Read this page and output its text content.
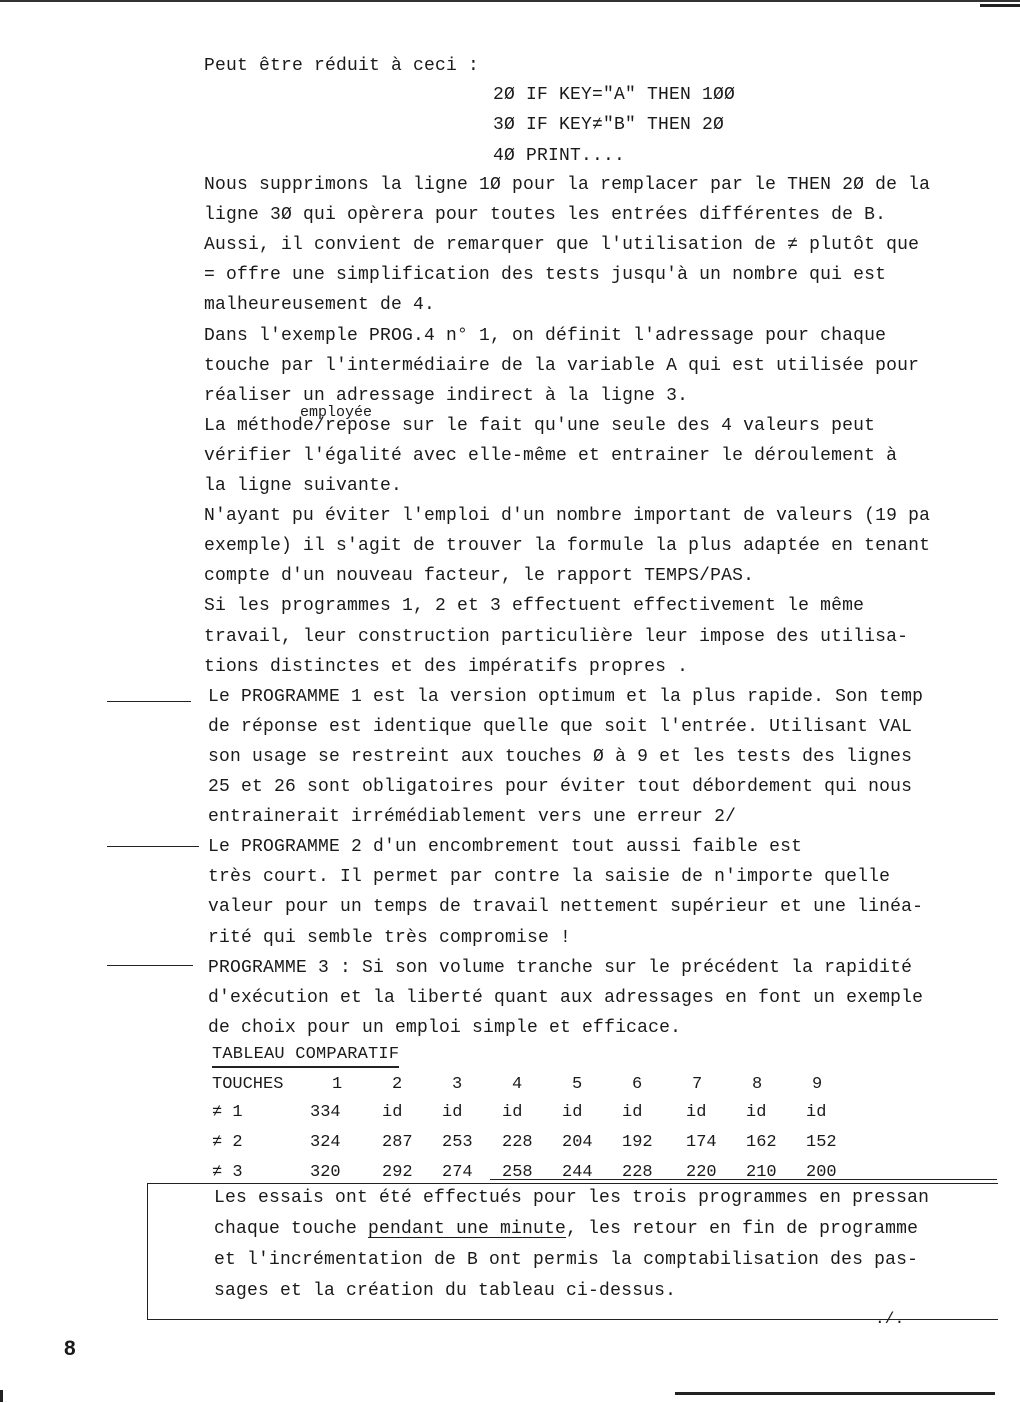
Peut être réduit à ceci :
2Ø IF KEY="A" THEN 1ØØ
3Ø IF KEY≠"B" THEN 2Ø
4Ø PRINT....
Nous supprimons la ligne 1Ø pour la remplacer par le THEN 2Ø de la
ligne 3Ø qui opèrera pour toutes les entrées différentes de B.
Aussi, il convient de remarquer que l'utilisation de ≠ plutôt que
= offre une simplification des tests jusqu'à un nombre qui est
malheureusement de 4.
Dans l'exemple PROG.4 n° 1, on définit l'adressage pour chaque
touche par l'intermédiaire de la variable A qui est utilisée pour
réaliser un adressage indirect à la ligne 3.
La méthode/repose sur le fait qu'une seule des 4 valeurs peut
vérifier l'égalité avec elle-même et entrainer le déroulement à
la ligne suivante.
N'ayant pu éviter l'emploi d'un nombre important de valeurs (19 pa
exemple) il s'agit de trouver la formule la plus adaptée en tenant
compte d'un nouveau facteur, le rapport TEMPS/PAS.
Si les programmes 1, 2 et 3 effectuent effectivement le même
travail, leur construction particulière leur impose des utilisa-
tions distinctes et des impératifs propres .
Le PROGRAMME 1 est la version optimum et la plus rapide. Son temp
de réponse est identique quelle que soit l'entrée. Utilisant VAL
son usage se restreint aux touches Ø à 9 et les tests des lignes
25 et 26 sont obligatoires pour éviter tout débordement qui nous
entrainerait irrémédiablement vers une erreur 2/
Le PROGRAMME 2 d'un encombrement tout aussi faible est
très court. Il permet par contre la saisie de n'importe quelle
valeur pour un temps de travail nettement supérieur et une linéa-
rité qui semble très compromise !
PROGRAMME 3 : Si son volume tranche sur le précédent la rapidité
d'exécution et la liberté quant aux adressages en font un exemple
de choix pour un emploi simple et efficace.
employée
TABLEAU COMPARATIF
TOUCHES	1	2	3	4	5	6	7	8	9
≠ 1	334 id id id id id	id id id
≠ 2	324 287 253 228 204 192 174 162 152
≠ 3	320 292 274 258 244 228 220 210 200
Les essais ont été effectués pour les trois programmes en pressan
chaque touche pendant une minute, les retour en fin de programme
et l'incrémentation de B ont permis la comptabilisation des pas-
sages et la création du tableau ci-dessus.
./.
8
